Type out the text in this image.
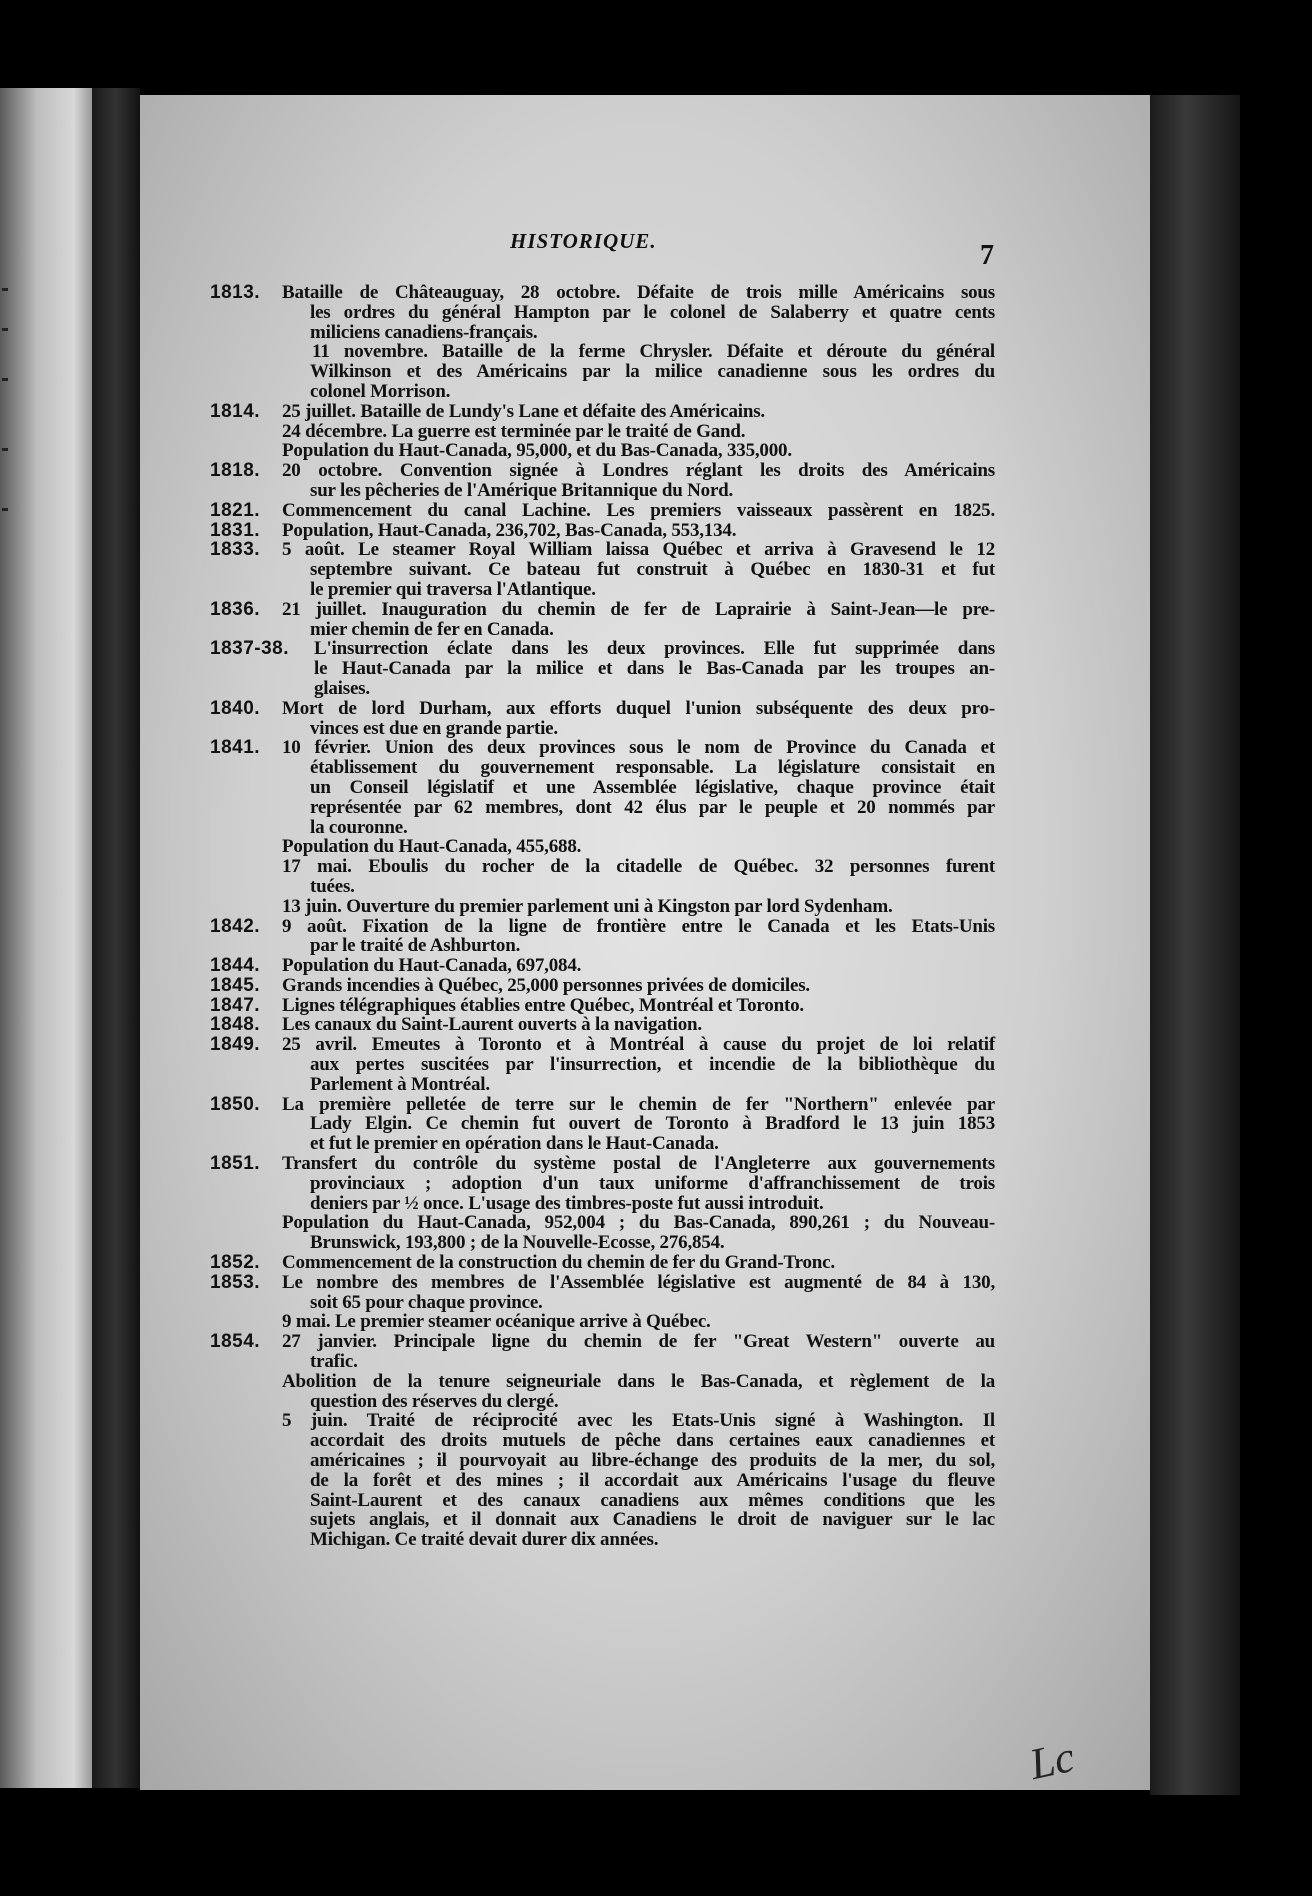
HISTORIQUE.	7
1813. Bataille de Châteauguay, 28 octobre. Défaite de trois mille Américains sous
les ordres du général Hampton par le colonel de Salaberry et quatre cents
miliciens canadiens-français.
11 novembre. Bataille de la ferme Chrysler. Défaite et déroute du général
Wilkinson et des Américains par la milice canadienne sous les ordres du
colonel Morrison.
1814. 25 juillet. Bataille de Lundy's Lane et défaite des Américains.
24 décembre. La guerre est terminée par le traité de Gand.
Population du Haut-Canada, 95,000, et du Bas-Canada, 335,000.
1818. 20 octobre. Convention signée à Londres réglant les droits des Américains
sur les pêcheries de l'Amérique Britannique du Nord.
1821. Commencement du canal Lachine. Les premiers vaisseaux passèrent en 1825.
1831. Population, Haut-Canada, 236,702, Bas-Canada, 553,134.
1833. 5 août. Le steamer Royal William laissa Québec et arriva à Gravesend le 12
septembre suivant. Ce bateau fut construit à Québec en 1830-31 et fut
le premier qui traversa l'Atlantique.
1836. 21 juillet. Inauguration du chemin de fer de Laprairie à Saint-Jean—le pre-
mier chemin de fer en Canada.
1837-38. L'insurrection éclate dans les deux provinces. Elle fut supprimée dans
le Haut-Canada par la milice et dans le Bas-Canada par les troupes an-
glaises.
1840. Mort de lord Durham, aux efforts duquel l'union subséquente des deux pro-
vinces est due en grande partie.
1841. 10 février. Union des deux provinces sous le nom de Province du Canada et
établissement du gouvernement responsable. La législature consistait en
un Conseil législatif et une Assemblée législative, chaque province était
représentée par 62 membres, dont 42 élus par le peuple et 20 nommés par
la couronne.
Population du Haut-Canada, 455,688.
17 mai. Eboulis du rocher de la citadelle de Québec. 32 personnes furent
tuées.
13 juin. Ouverture du premier parlement uni à Kingston par lord Sydenham.
1842. 9 août. Fixation de la ligne de frontière entre le Canada et les Etats-Unis
par le traité de Ashburton.
1844. Population du Haut-Canada, 697,084.
1845. Grands incendies à Québec, 25,000 personnes privées de domiciles.
1847. Lignes télégraphiques établies entre Québec, Montréal et Toronto.
1848. Les canaux du Saint-Laurent ouverts à la navigation.
1849. 25 avril. Emeutes à Toronto et à Montréal à cause du projet de loi relatif
aux pertes suscitées par l'insurrection, et incendie de la bibliothèque du
Parlement à Montréal.
1850. La première pelletée de terre sur le chemin de fer "Northern" enlevée par
Lady Elgin. Ce chemin fut ouvert de Toronto à Bradford le 13 juin 1853
et fut le premier en opération dans le Haut-Canada.
1851. Transfert du contrôle du système postal de l'Angleterre aux gouvernements
provinciaux ; adoption d'un taux uniforme d'affranchissement de trois
deniers par ½ once. L'usage des timbres-poste fut aussi introduit.
Population du Haut-Canada, 952,004 ; du Bas-Canada, 890,261 ; du Nouveau-
Brunswick, 193,800 ; de la Nouvelle-Ecosse, 276,854.
1852. Commencement de la construction du chemin de fer du Grand-Tronc.
1853. Le nombre des membres de l'Assemblée législative est augmenté de 84 à 130,
soit 65 pour chaque province.
9 mai. Le premier steamer océanique arrive à Québec.
1854. 27 janvier. Principale ligne du chemin de fer "Great Western" ouverte au
trafic.
Abolition de la tenure seigneuriale dans le Bas-Canada, et règlement de la
question des réserves du clergé.
5 juin. Traité de réciprocité avec les Etats-Unis signé à Washington. Il
accordait des droits mutuels de pêche dans certaines eaux canadiennes et
américaines ; il pourvoyait au libre-échange des produits de la mer, du sol,
de la forêt et des mines ; il accordait aux Américains l'usage du fleuve
Saint-Laurent et des canaux canadiens aux mêmes conditions que les
sujets anglais, et il donnait aux Canadiens le droit de naviguer sur le lac
Michigan. Ce traité devait durer dix années.
Lc
